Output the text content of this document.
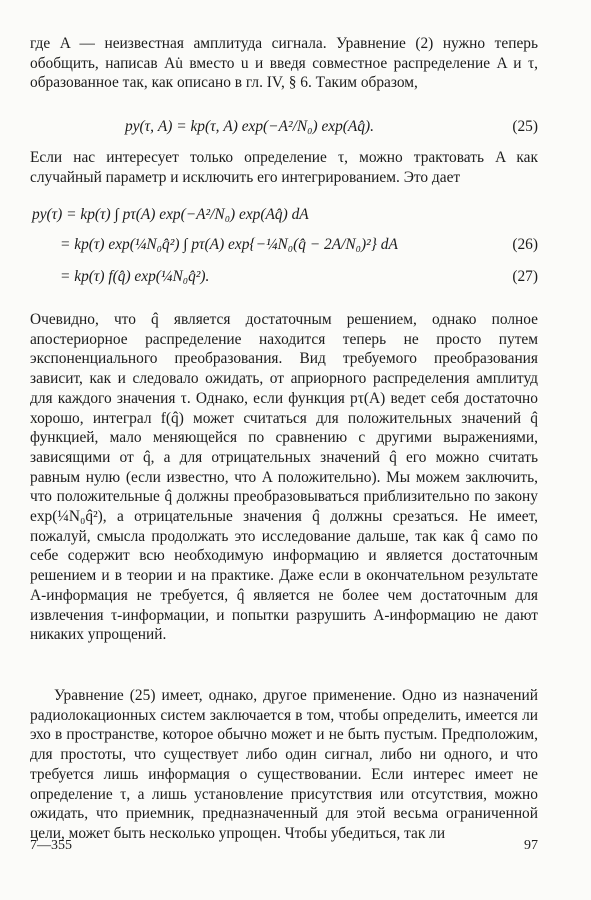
где A — неизвестная амплитуда сигнала. Уравнение (2) нужно теперь обобщить, написав Au̇ вместо u и введя совместное распределение A и τ, образованное так, как описано в гл. IV, § 6. Таким образом,

py(τ, A) = kp(τ, A) exp(−A²/N₀) exp(Aq̂).	(25)

Если нас интересует только определение τ, можно трактовать A как случайный параметр и исключить его интегрированием. Это дает

py(τ) = kp(τ) ∫ pτ(A) exp(−A²/N₀) exp(Aq̂) dA
= kp(τ) exp(¼N₀q̂²) ∫ pτ(A) exp{−¼N₀(q̂ − 2A/N₀)²} dA	(26)
= kp(τ) f(q̂) exp(¼N₀q̂²).	(27)

Очевидно, что q̂ является достаточным решением, однако полное апостериорное распределение находится теперь не просто путем экспоненциального преобразования. Вид требуемого преобразования зависит, как и следовало ожидать, от априорного распределения амплитуд для каждого значения τ. Однако, если функция pτ(A) ведет себя достаточно хорошо, интеграл f(q̂) может считаться для положительных значений q̂ функцией, мало меняющейся по сравнению с другими выражениями, зависящими от q̂, а для отрицательных значений q̂ его можно считать равным нулю (если известно, что A положительно). Мы можем заключить, что положительные q̂ должны преобразовываться приблизительно по закону exp(¼N₀q̂²), а отрицательные значения q̂ должны срезаться. Не имеет, пожалуй, смысла продолжать это исследование дальше, так как q̂ само по себе содержит всю необходимую информацию и является достаточным решением и в теории и на практике. Даже если в окончательном результате A-информация не требуется, q̂ является не более чем достаточным для извлечения τ-информации, и попытки разрушить A-информацию не дают никаких упрощений.

Уравнение (25) имеет, однако, другое применение. Одно из назначений радиолокационных систем заключается в том, чтобы определить, имеется ли эхо в пространстве, которое обычно может и не быть пустым. Предположим, для простоты, что существует либо один сигнал, либо ни одного, и что требуется лишь информация о существовании. Если интерес имеет не определение τ, а лишь установление присутствия или отсутствия, можно ожидать, что приемник, предназначенный для этой весьма ограниченной цели, может быть несколько упрощен. Чтобы убедиться, так ли

7—355	97
